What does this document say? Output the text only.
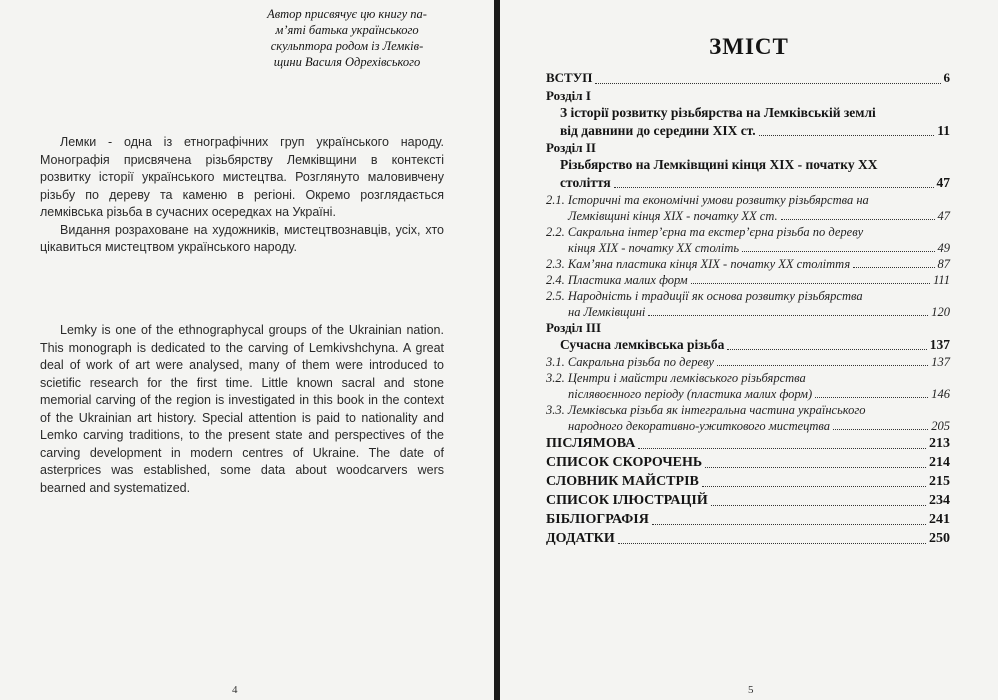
Автор присвячує цю книгу па-
м’яті батька українського
скульптора родом із Лемків-
щини Василя Одрехівського

Лемки - одна із етнографічних груп українського народу. Монографія присвячена різьбярству Лемківщини в контексті розвитку історії українського мистецтва. Розглянуто маловивчену різьбу по дереву та каменю в регіоні. Окремо розглядається лемківська різьба в сучасних осередках на Україні.

Видання розраховане на художників, мистецтвознавців, усіх, хто цікавиться мистецтвом українського народу.

Lemky is one of the ethnographycal groups of the Ukrainian nation. This monograph is dedicated to the carving of Lemkivshchyna. A great deal of work of art were analysed, many of them were introduced to scietific research for the first time. Little known sacral and stone memorial carving of the region is investigated in this book in the context of the Ukrainian art history. Special attention is paid to nationality and Lemko carving traditions, to the present state and perspectives of the carving development in modern centres of Ukraine. The date of asterprices was established, some data about woodcarvers wers bearned and systematized.

4
ЗМІСТ
ВСТУП	6
Розділ І
З історії розвитку різьбярства на Лемківській землі
від давнини до середини ХІХ ст.	11
Розділ ІІ
Різьбярство на Лемківщині кінця ХІХ - початку ХХ
століття	47
2.1. Історичні та економічні умови розвитку різьбярства на
Лемківщині кінця ХІХ - початку ХХ ст.	47
2.2. Сакральна інтер’єрна та екстер’єрна різьба по дереву
кінця ХІХ - початку ХХ століть	49
2.3. Кам’яна пластика кінця ХІХ - початку ХХ століття	87
2.4. Пластика малих форм	111
2.5. Народність і традиції як основа розвитку різьбярства
на Лемківщині	120
Розділ ІІІ
Сучасна лемківська різьба	137
3.1. Сакральна різьба по дереву	137
3.2. Центри і майстри лемківського різьбярства
післявоєнного періоду (пластика малих форм)	146
3.3. Лемківська різьба як інтегральна частина українського
народного декоративно-ужиткового мистецтва	205
ПІСЛЯМОВА	213
СПИСОК СКОРОЧЕНЬ	214
СЛОВНИК МАЙСТРІВ	215
СПИСОК ІЛЮСТРАЦІЙ	234
БІБЛІОГРАФІЯ	241
ДОДАТКИ	250
5
